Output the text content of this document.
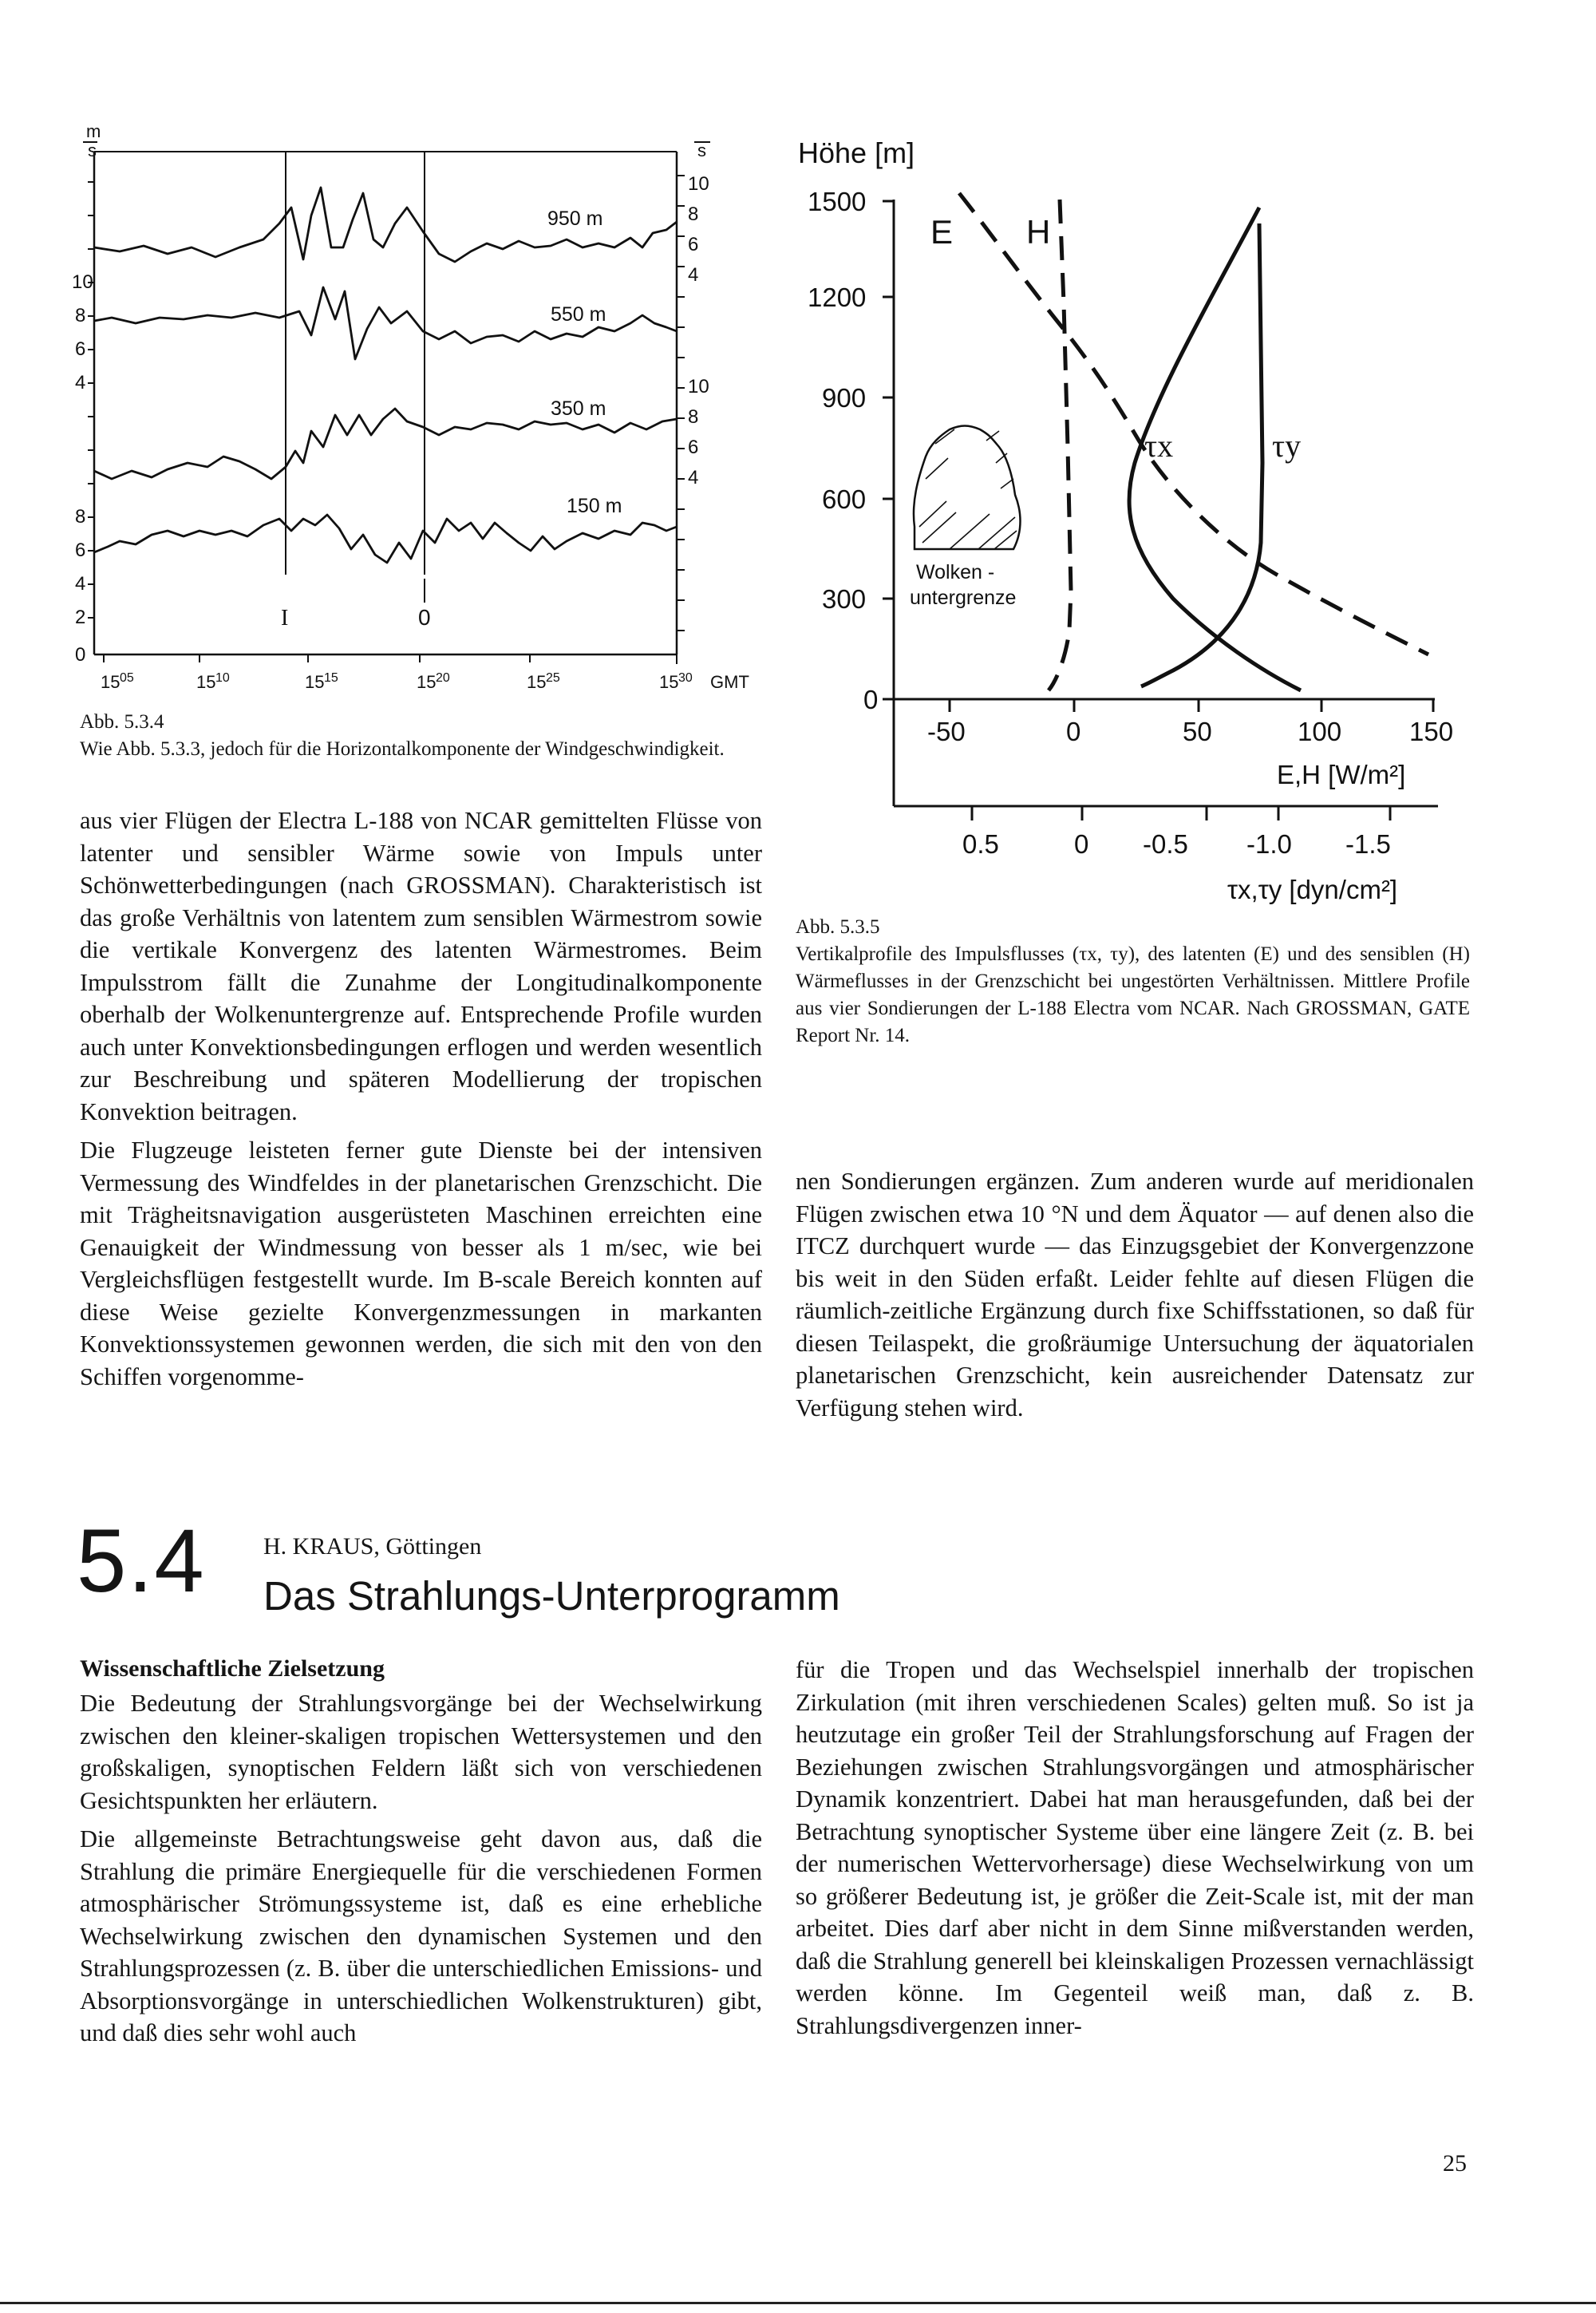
m
s	s
10
8
6
4
8
6
4
2
0
10
8
6
4
10
8
6
4
950 m
550 m
350 m
150 m
I	0
15 05	15 10	15 15	15 20	15 25	15 30 GMT
Abb. 5.3.4
Wie Abb. 5.3.3, jedoch für die Horizontalkomponente der Windgeschwindigkeit.
Höhe [m]
1500
1200
900
600
300
0
-50	0	50	100	150
E,H [W/m²]
0.5	0 -0.5 -1.0 -1.5
τx,τy [dyn/cm²]
Wolken -
untergrenze
E H
τx	τy
Abb. 5.3.5
Vertikalprofile des Impulsflusses (τx, τy), des latenten (E) und des sensiblen (H) Wärmeflusses in der Grenzschicht bei ungestörten Verhältnissen. Mittlere Profile aus vier Sondierungen der L-188 Electra vom NCAR. Nach GROSSMAN, GATE Report Nr. 14.

aus vier Flügen der Electra L-188 von NCAR gemittelten Flüsse von latenter und sensibler Wärme sowie von Impuls unter Schönwetterbedingungen (nach GROSSMAN). Charakteristisch ist das große Verhältnis von latentem zum sensiblen Wärmestrom sowie die vertikale Konvergenz des latenten Wärmestromes. Beim Impulsstrom fällt die Zunahme der Longitudinalkomponente oberhalb der Wolkenuntergrenze auf. Entsprechende Profile wurden auch unter Konvektionsbedingungen erflogen und werden wesentlich zur Beschreibung und späteren Modellierung der tropischen Konvektion beitragen.

Die Flugzeuge leisteten ferner gute Dienste bei der intensiven Vermessung des Windfeldes in der planetarischen Grenzschicht. Die mit Trägheitsnavigation ausgerüsteten Maschinen erreichten eine Genauigkeit der Windmessung von besser als 1 m/sec, wie bei Vergleichsflügen festgestellt wurde. Im B-scale Bereich konnten auf diese Weise gezielte Konvergenzmessungen in markanten Konvektionssystemen gewonnen werden, die sich mit den von den Schiffen vorgenomme-

nen Sondierungen ergänzen. Zum anderen wurde auf meridionalen Flügen zwischen etwa 10 °N und dem Äquator — auf denen also die ITCZ durchquert wurde — das Einzugsgebiet der Konvergenzzone bis weit in den Süden erfaßt. Leider fehlte auf diesen Flügen die räumlich-zeitliche Ergänzung durch fixe Schiffsstationen, so daß für diesen Teilaspekt, die großräumige Untersuchung der äquatorialen planetarischen Grenzschicht, kein ausreichender Datensatz zur Verfügung stehen wird.

5.4 H. KRAUS, Göttingen
Das Strahlungs-Unterprogramm
Wissenschaftliche Zielsetzung

Die Bedeutung der Strahlungsvorgänge bei der Wechselwirkung zwischen den kleiner-skaligen tropischen Wettersystemen und den großskaligen, synoptischen Feldern läßt sich von verschiedenen Gesichtspunkten her erläutern.

Die allgemeinste Betrachtungsweise geht davon aus, daß die Strahlung die primäre Energiequelle für die verschiedenen Formen atmosphärischer Strömungssysteme ist, daß es eine erhebliche Wechselwirkung zwischen den dynamischen Systemen und den Strahlungsprozessen (z. B. über die unterschiedlichen Emissions- und Absorptionsvorgänge in unterschiedlichen Wolkenstrukturen) gibt, und daß dies sehr wohl auch

für die Tropen und das Wechselspiel innerhalb der tropischen Zirkulation (mit ihren verschiedenen Scales) gelten muß. So ist ja heutzutage ein großer Teil der Strahlungsforschung auf Fragen der Beziehungen zwischen Strahlungsvorgängen und atmosphärischer Dynamik konzentriert. Dabei hat man herausgefunden, daß bei der Betrachtung synoptischer Systeme über eine längere Zeit (z. B. bei der numerischen Wettervorhersage) diese Wechselwirkung von um so größerer Bedeutung ist, je größer die Zeit-Scale ist, mit der man arbeitet. Dies darf aber nicht in dem Sinne mißverstanden werden, daß die Strahlung generell bei kleinskaligen Prozessen vernachlässigt werden könne. Im Gegenteil weiß man, daß z. B. Strahlungsdivergenzen inner-

25
